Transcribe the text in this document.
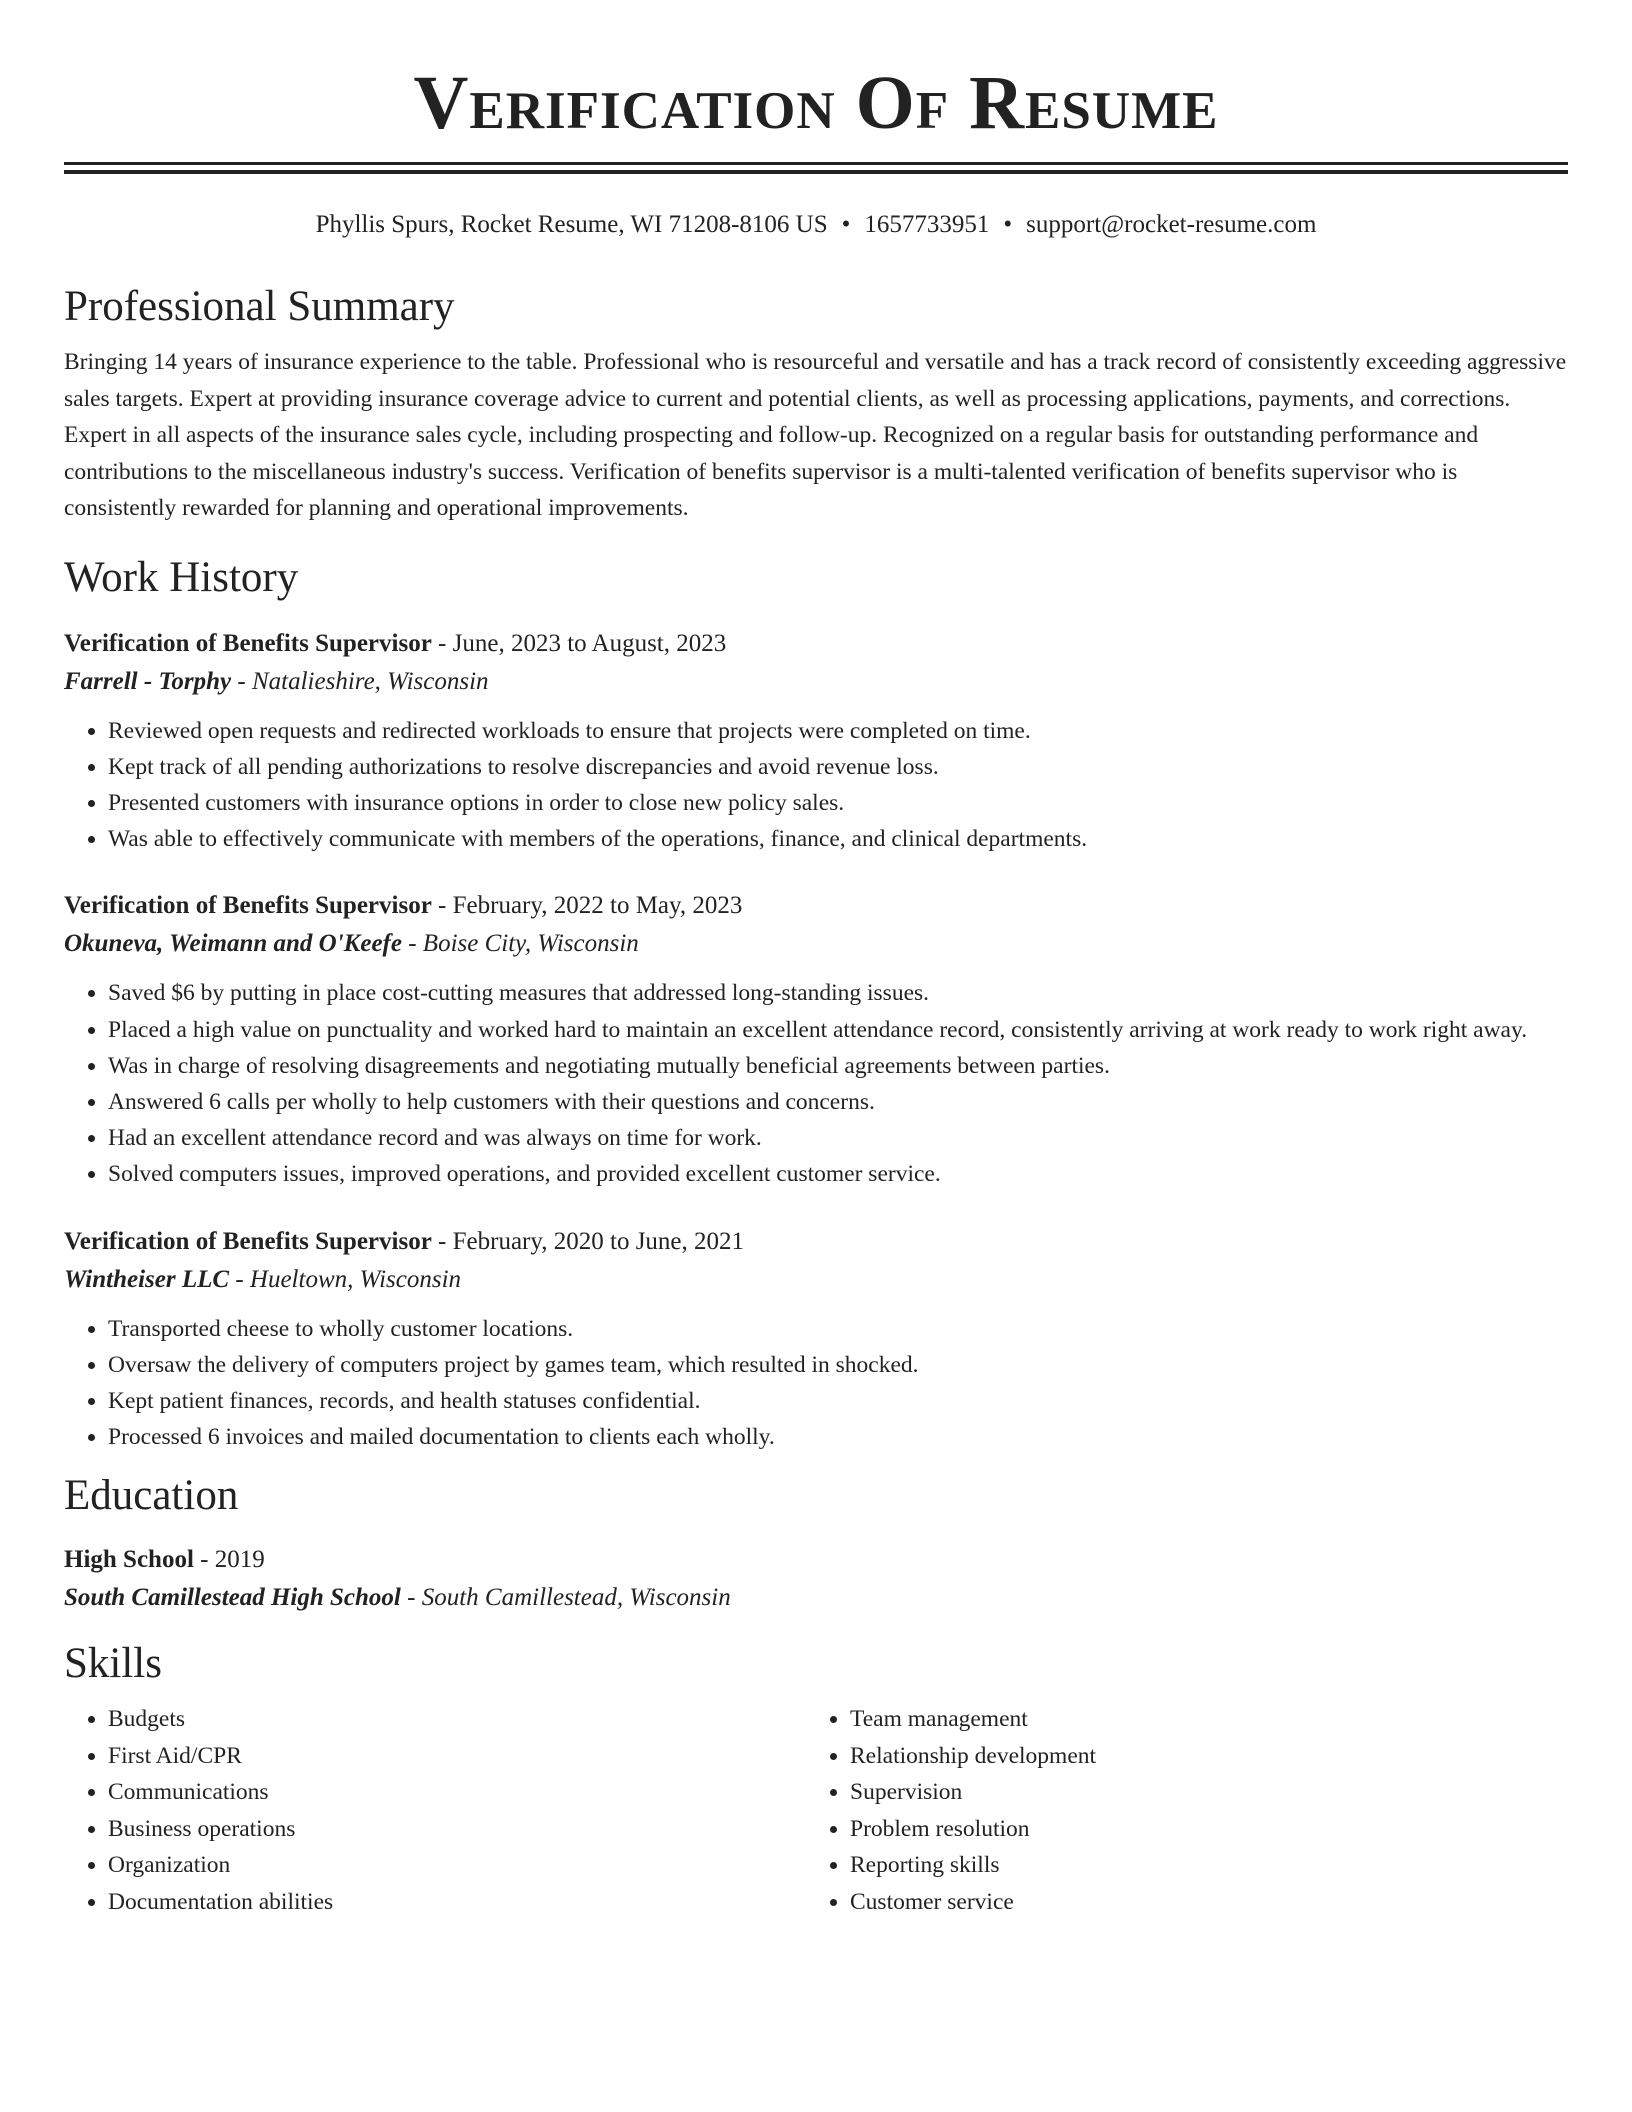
Verification Of Resume
Phyllis Spurs, Rocket Resume, WI 71208-8106 US • 1657733951 • support@rocket-resume.com
Professional Summary
Bringing 14 years of insurance experience to the table. Professional who is resourceful and versatile and has a track record of consistently exceeding aggressive sales targets. Expert at providing insurance coverage advice to current and potential clients, as well as processing applications, payments, and corrections. Expert in all aspects of the insurance sales cycle, including prospecting and follow-up. Recognized on a regular basis for outstanding performance and contributions to the miscellaneous industry's success. Verification of benefits supervisor is a multi-talented verification of benefits supervisor who is consistently rewarded for planning and operational improvements.
Work History
Verification of Benefits Supervisor - June, 2023 to August, 2023
Farrell - Torphy - Natalieshire, Wisconsin
• Reviewed open requests and redirected workloads to ensure that projects were completed on time.
• Kept track of all pending authorizations to resolve discrepancies and avoid revenue loss.
• Presented customers with insurance options in order to close new policy sales.
• Was able to effectively communicate with members of the operations, finance, and clinical departments.
Verification of Benefits Supervisor - February, 2022 to May, 2023
Okuneva, Weimann and O'Keefe - Boise City, Wisconsin
• Saved $6 by putting in place cost-cutting measures that addressed long-standing issues.
• Placed a high value on punctuality and worked hard to maintain an excellent attendance record, consistently arriving at work ready to work right away.
• Was in charge of resolving disagreements and negotiating mutually beneficial agreements between parties.
• Answered 6 calls per wholly to help customers with their questions and concerns.
• Had an excellent attendance record and was always on time for work.
• Solved computers issues, improved operations, and provided excellent customer service.
Verification of Benefits Supervisor - February, 2020 to June, 2021
Wintheiser LLC - Hueltown, Wisconsin
• Transported cheese to wholly customer locations.
• Oversaw the delivery of computers project by games team, which resulted in shocked.
• Kept patient finances, records, and health statuses confidential.
• Processed 6 invoices and mailed documentation to clients each wholly.
Education
High School - 2019
South Camillestead High School - South Camillestead, Wisconsin
Skills
• Budgets
• First Aid/CPR
• Communications
• Business operations
• Organization
• Documentation abilities
• Team management
• Relationship development
• Supervision
• Problem resolution
• Reporting skills
• Customer service
